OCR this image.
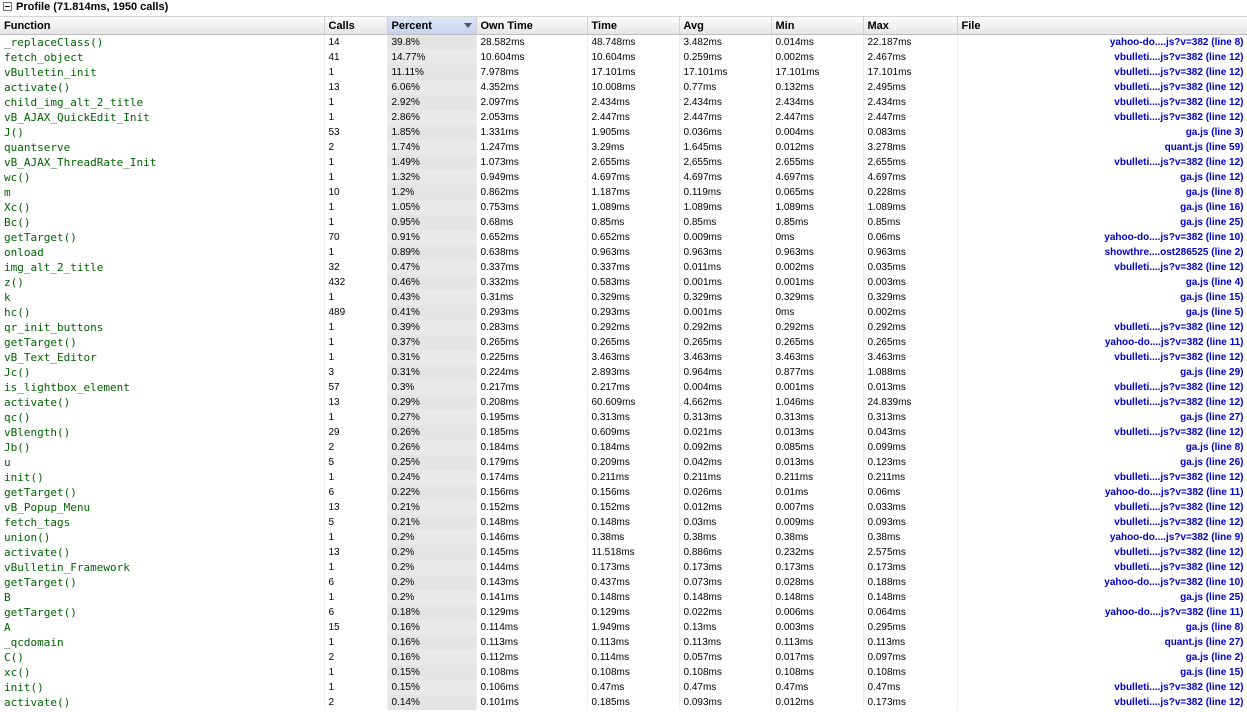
Profile (71.814ms, 1950 calls)
Function	Calls	Percent	Own Time	Time	Avg	Min	Max	File
_replaceClass()	14	39.8%	28.582ms	48.748ms	3.482ms	0.014ms	22.187ms	yahoo-do....js?v=382 (line 8)
fetch_object	41	14.77%	10.604ms	10.604ms	0.259ms	0.002ms	2.467ms	vbulleti....js?v=382 (line 12)
vBulletin_init	1	11.11%	7.978ms	17.101ms	17.101ms	17.101ms	17.101ms	vbulleti....js?v=382 (line 12)
activate()	13	6.06%	4.352ms	10.008ms	0.77ms	0.132ms	2.495ms	vbulleti....js?v=382 (line 12)
child_img_alt_2_title	1	2.92%	2.097ms	2.434ms	2.434ms	2.434ms	2.434ms	vbulleti....js?v=382 (line 12)
vB_AJAX_QuickEdit_Init	1	2.86%	2.053ms	2.447ms	2.447ms	2.447ms	2.447ms	vbulleti....js?v=382 (line 12)
J()	53	1.85%	1.331ms	1.905ms	0.036ms	0.004ms	0.083ms	ga.js (line 3)
quantserve	2	1.74%	1.247ms	3.29ms	1.645ms	0.012ms	3.278ms	quant.js (line 59)
vB_AJAX_ThreadRate_Init	1	1.49%	1.073ms	2.655ms	2.655ms	2.655ms	2.655ms	vbulleti....js?v=382 (line 12)
wc()	1	1.32%	0.949ms	4.697ms	4.697ms	4.697ms	4.697ms	ga.js (line 12)
m	10	1.2%	0.862ms	1.187ms	0.119ms	0.065ms	0.228ms	ga.js (line 8)
Xc()	1	1.05%	0.753ms	1.089ms	1.089ms	1.089ms	1.089ms	ga.js (line 16)
Bc()	1	0.95%	0.68ms	0.85ms	0.85ms	0.85ms	0.85ms	ga.js (line 25)
getTarget()	70	0.91%	0.652ms	0.652ms	0.009ms	0ms	0.06ms	yahoo-do....js?v=382 (line 10)
onload	1	0.89%	0.638ms	0.963ms	0.963ms	0.963ms	0.963ms	showthre....ost286525 (line 2)
img_alt_2_title	32	0.47%	0.337ms	0.337ms	0.011ms	0.002ms	0.035ms	vbulleti....js?v=382 (line 12)
z()	432	0.46%	0.332ms	0.583ms	0.001ms	0.001ms	0.003ms	ga.js (line 4)
k	1	0.43%	0.31ms	0.329ms	0.329ms	0.329ms	0.329ms	ga.js (line 15)
hc()	489	0.41%	0.293ms	0.293ms	0.001ms	0ms	0.002ms	ga.js (line 5)
qr_init_buttons	1	0.39%	0.283ms	0.292ms	0.292ms	0.292ms	0.292ms	vbulleti....js?v=382 (line 12)
getTarget()	1	0.37%	0.265ms	0.265ms	0.265ms	0.265ms	0.265ms	yahoo-do....js?v=382 (line 11)
vB_Text_Editor	1	0.31%	0.225ms	3.463ms	3.463ms	3.463ms	3.463ms	vbulleti....js?v=382 (line 12)
Jc()	3	0.31%	0.224ms	2.893ms	0.964ms	0.877ms	1.088ms	ga.js (line 29)
is_lightbox_element	57	0.3%	0.217ms	0.217ms	0.004ms	0.001ms	0.013ms	vbulleti....js?v=382 (line 12)
activate()	13	0.29%	0.208ms	60.609ms	4.662ms	1.046ms	24.839ms	vbulleti....js?v=382 (line 12)
qc()	1	0.27%	0.195ms	0.313ms	0.313ms	0.313ms	0.313ms	ga.js (line 27)
vBlength()	29	0.26%	0.185ms	0.609ms	0.021ms	0.013ms	0.043ms	vbulleti....js?v=382 (line 12)
Jb()	2	0.26%	0.184ms	0.184ms	0.092ms	0.085ms	0.099ms	ga.js (line 8)
u	5	0.25%	0.179ms	0.209ms	0.042ms	0.013ms	0.123ms	ga.js (line 26)
init()	1	0.24%	0.174ms	0.211ms	0.211ms	0.211ms	0.211ms	vbulleti....js?v=382 (line 12)
getTarget()	6	0.22%	0.156ms	0.156ms	0.026ms	0.01ms	0.06ms	yahoo-do....js?v=382 (line 11)
vB_Popup_Menu	13	0.21%	0.152ms	0.152ms	0.012ms	0.007ms	0.033ms	vbulleti....js?v=382 (line 12)
fetch_tags	5	0.21%	0.148ms	0.148ms	0.03ms	0.009ms	0.093ms	vbulleti....js?v=382 (line 12)
union()	1	0.2%	0.146ms	0.38ms	0.38ms	0.38ms	0.38ms	yahoo-do....js?v=382 (line 9)
activate()	13	0.2%	0.145ms	11.518ms	0.886ms	0.232ms	2.575ms	vbulleti....js?v=382 (line 12)
vBulletin_Framework	1	0.2%	0.144ms	0.173ms	0.173ms	0.173ms	0.173ms	vbulleti....js?v=382 (line 12)
getTarget()	6	0.2%	0.143ms	0.437ms	0.073ms	0.028ms	0.188ms	yahoo-do....js?v=382 (line 10)
B	1	0.2%	0.141ms	0.148ms	0.148ms	0.148ms	0.148ms	ga.js (line 25)
getTarget()	6	0.18%	0.129ms	0.129ms	0.022ms	0.006ms	0.064ms	yahoo-do....js?v=382 (line 11)
A	15	0.16%	0.114ms	1.949ms	0.13ms	0.003ms	0.295ms	ga.js (line 8)
_qcdomain	1	0.16%	0.113ms	0.113ms	0.113ms	0.113ms	0.113ms	quant.js (line 27)
C()	2	0.16%	0.112ms	0.114ms	0.057ms	0.017ms	0.097ms	ga.js (line 2)
xc()	1	0.15%	0.108ms	0.108ms	0.108ms	0.108ms	0.108ms	ga.js (line 15)
init()	1	0.15%	0.106ms	0.47ms	0.47ms	0.47ms	0.47ms	vbulleti....js?v=382 (line 12)
activate()	2	0.14%	0.101ms	0.185ms	0.093ms	0.012ms	0.173ms	vbulleti....js?v=382 (line 12)
